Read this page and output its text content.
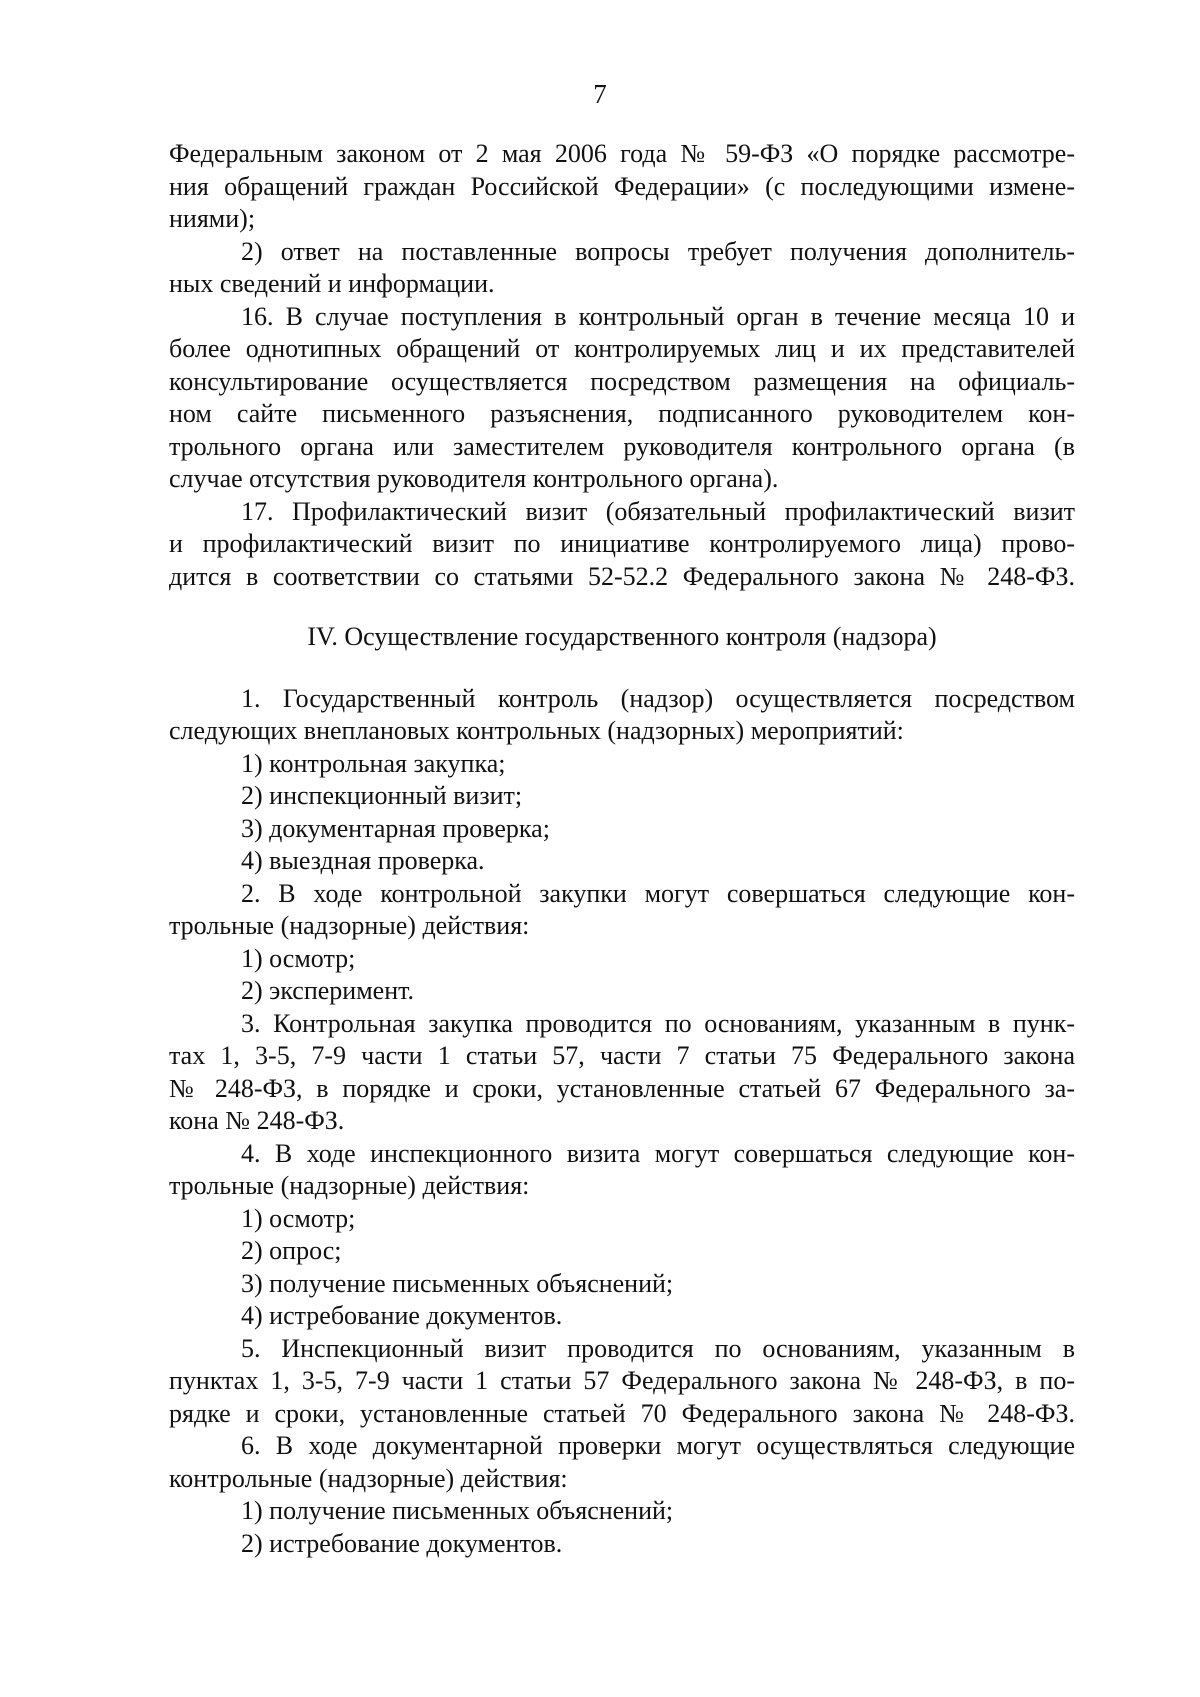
7
Федеральным законом от 2 мая 2006 года № 59-ФЗ «О порядке рассмотре-
ния обращений граждан Российской Федерации» (с последующими измене-
ниями);
2) ответ на поставленные вопросы требует получения дополнитель-
ных сведений и информации.
16. В случае поступления в контрольный орган в течение месяца 10 и
более однотипных обращений от контролируемых лиц и их представителей
консультирование осуществляется посредством размещения на официаль-
ном сайте письменного разъяснения, подписанного руководителем кон-
трольного органа или заместителем руководителя контрольного органа (в
случае отсутствия руководителя контрольного органа).
17. Профилактический визит (обязательный профилактический визит
и профилактический визит по инициативе контролируемого лица) прово-
дится в соответствии со статьями 52-52.2 Федерального закона № 248-ФЗ.
IV. Осуществление государственного контроля (надзора)
1. Государственный контроль (надзор) осуществляется посредством
следующих внеплановых контрольных (надзорных) мероприятий:
1) контрольная закупка;
2) инспекционный визит;
3) документарная проверка;
4) выездная проверка.
2. В ходе контрольной закупки могут совершаться следующие кон-
трольные (надзорные) действия:
1) осмотр;
2) эксперимент.
3. Контрольная закупка проводится по основаниям, указанным в пунк-
тах 1, 3-5, 7-9 части 1 статьи 57, части 7 статьи 75 Федерального закона
№ 248-ФЗ, в порядке и сроки, установленные статьей 67 Федерального за-
кона № 248-ФЗ.
4. В ходе инспекционного визита могут совершаться следующие кон-
трольные (надзорные) действия:
1) осмотр;
2) опрос;
3) получение письменных объяснений;
4) истребование документов.
5. Инспекционный визит проводится по основаниям, указанным в
пунктах 1, 3-5, 7-9 части 1 статьи 57 Федерального закона № 248-ФЗ, в по-
рядке и сроки, установленные статьей 70 Федерального закона № 248-ФЗ.
6. В ходе документарной проверки могут осуществляться следующие
контрольные (надзорные) действия:
1) получение письменных объяснений;
2) истребование документов.
